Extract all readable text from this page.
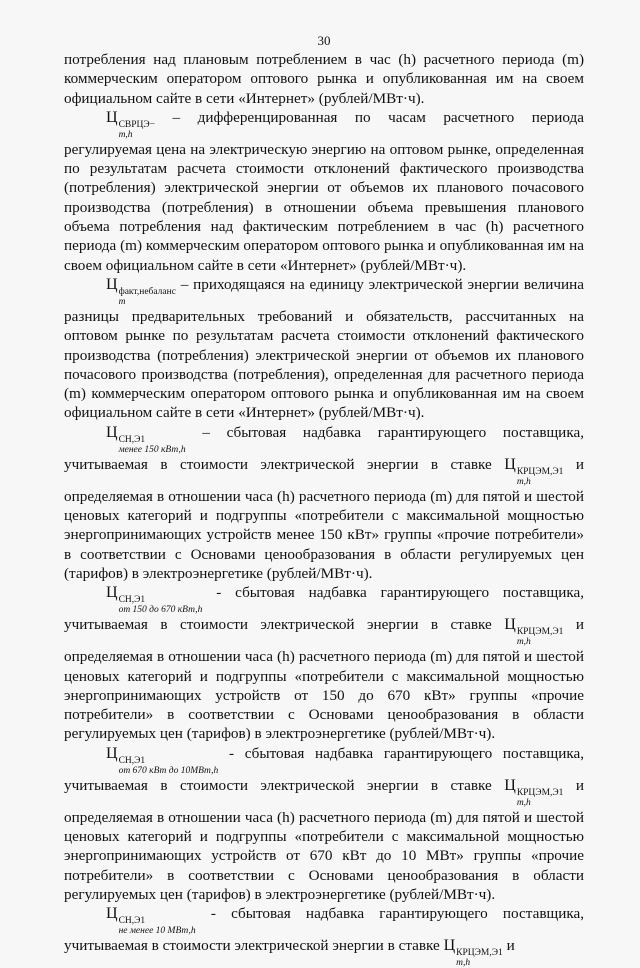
30

потребления над плановым потреблением в час (h) расчетного периода (m) коммерческим оператором оптового рынка и опубликованная им на своем официальном сайте в сети «Интернет» (рублей/МВт·ч).

Ц СВРЦЭ−
m,h
– дифференцированная по часам расчетного периода регулируемая цена на электрическую энергию на оптовом рынке, определенная по результатам расчета стоимости отклонений фактического производства (потребления) электрической энергии от объемов их планового почасового производства (потребления) в отношении объема превышения планового объема потребления над фактическим потреблением в час (h) расчетного периода (m) коммерческим оператором оптового рынка и опубликованная им на своем официальном сайте в сети «Интернет» (рублей/МВт·ч).

Ц факт,небаланс
m
– приходящаяся на единицу электрической энергии величина разницы предварительных требований и обязательств, рассчитанных на оптовом рынке по результатам расчета стоимости отклонений фактического производства (потребления) электрической энергии от объемов их планового почасового производства (потребления), определенная для расчетного периода (m) коммерческим оператором оптового рынка и опубликованная им на своем официальном сайте в сети «Интернет» (рублей/МВт·ч).

Ц СН,Э1
менее 150 кВт,h
– сбытовая надбавка гарантирующего поставщика, учитываемая в стоимости электрической энергии в ставке Ц КРЦЭМ,Э1
m,h
и определяемая в отношении часа (h) расчетного периода (m) для пятой и шестой ценовых категорий и подгруппы «потребители с максимальной мощностью энергопринимающих устройств менее 150 кВт» группы «прочие потребители» в соответствии с Основами ценообразования в области регулируемых цен (тарифов) в электроэнергетике (рублей/МВт·ч).

Ц СН,Э1
от 150 до 670 кВт,h
- сбытовая надбавка гарантирующего поставщика, учитываемая в стоимости электрической энергии в ставке Ц КРЦЭМ,Э1
m,h
и определяемая в отношении часа (h) расчетного периода (m) для пятой и шестой ценовых категорий и подгруппы «потребители с максимальной мощностью энергопринимающих устройств от 150 до 670 кВт» группы «прочие потребители» в соответствии с Основами ценообразования в области регулируемых цен (тарифов) в электроэнергетике (рублей/МВт·ч).

Ц СН,Э1
от 670 кВт до 10МВт,h
- сбытовая надбавка гарантирующего поставщика, учитываемая в стоимости электрической энергии в ставке Ц КРЦЭМ,Э1
m,h
и определяемая в отношении часа (h) расчетного периода (m) для пятой и шестой ценовых категорий и подгруппы «потребители с максимальной мощностью энергопринимающих устройств от 670 кВт до 10 МВт» группы «прочие потребители» в соответствии с Основами ценообразования в области регулируемых цен (тарифов) в электроэнергетике (рублей/МВт·ч).

Ц СН,Э1
не менее 10 МВт,h
- сбытовая надбавка гарантирующего поставщика, учитываемая в стоимости электрической энергии в ставке Ц КРЦЭМ,Э1
m,h
и
